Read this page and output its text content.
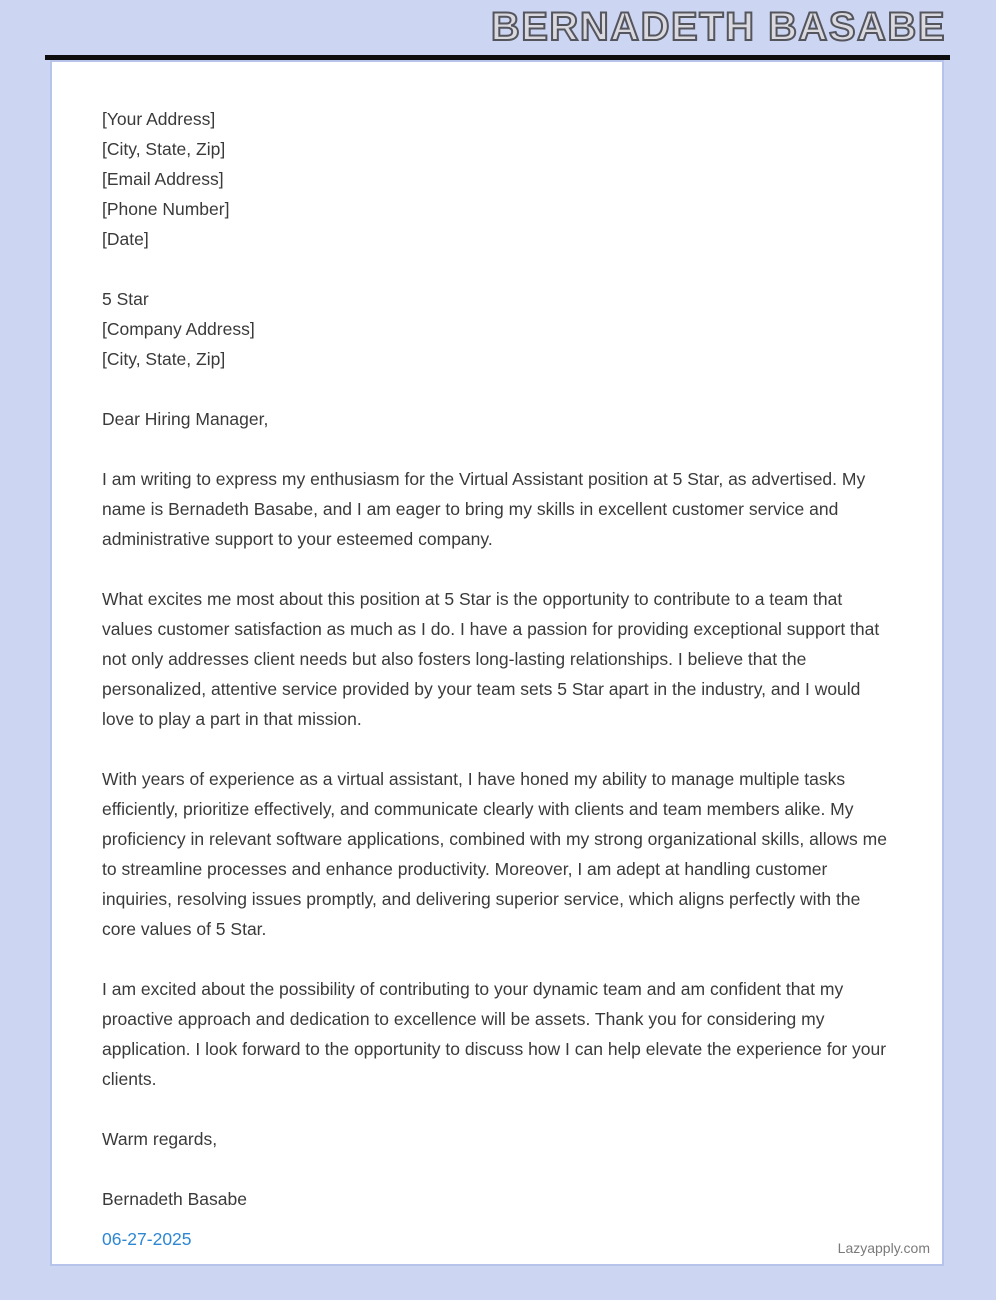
BERNADETH BASABE

[Your Address]

[City, State, Zip]

[Email Address]

[Phone Number]

[Date]

5 Star

[Company Address]

[City, State, Zip]

Dear Hiring Manager,

I am writing to express my enthusiasm for the Virtual Assistant position at 5 Star, as advertised. My name is Bernadeth Basabe, and I am eager to bring my skills in excellent customer service and administrative support to your esteemed company.

What excites me most about this position at 5 Star is the opportunity to contribute to a team that values customer satisfaction as much as I do. I have a passion for providing exceptional support that not only addresses client needs but also fosters long-lasting relationships. I believe that the personalized, attentive service provided by your team sets 5 Star apart in the industry, and I would love to play a part in that mission.

With years of experience as a virtual assistant, I have honed my ability to manage multiple tasks efficiently, prioritize effectively, and communicate clearly with clients and team members alike. My proficiency in relevant software applications, combined with my strong organizational skills, allows me to streamline processes and enhance productivity. Moreover, I am adept at handling customer inquiries, resolving issues promptly, and delivering superior service, which aligns perfectly with the core values of 5 Star.

I am excited about the possibility of contributing to your dynamic team and am confident that my proactive approach and dedication to excellence will be assets. Thank you for considering my application. I look forward to the opportunity to discuss how I can help elevate the experience for your clients.

Warm regards,

Bernadeth Basabe

06-27-2025	Lazyapply.com
